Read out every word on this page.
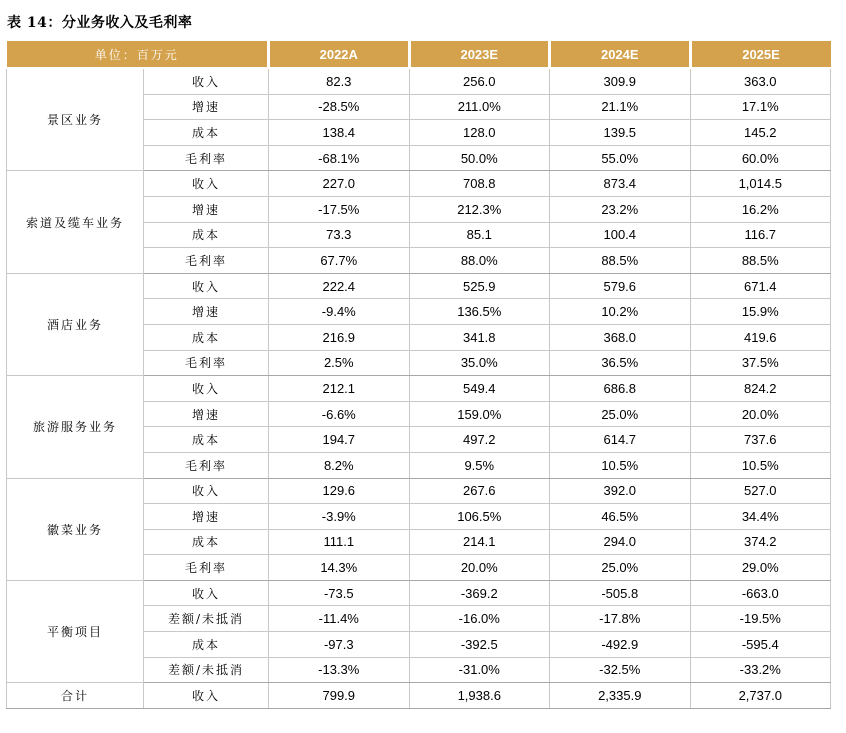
表 14：分业务收入及毛利率
单位：百万元		2022A	2023E	2024E	2025E
景区业务	收入	82.3	256.0	309.9	363.0
	增速	-28.5%	211.0%	21.1%	17.1%
	成本	138.4	128.0	139.5	145.2
	毛利率	-68.1%	50.0%	55.0%	60.0%
索道及缆车业务	收入	227.0	708.8	873.4	1,014.5
	增速	-17.5%	212.3%	23.2%	16.2%
	成本	73.3	85.1	100.4	116.7
	毛利率	67.7%	88.0%	88.5%	88.5%
酒店业务	收入	222.4	525.9	579.6	671.4
	增速	-9.4%	136.5%	10.2%	15.9%
	成本	216.9	341.8	368.0	419.6
	毛利率	2.5%	35.0%	36.5%	37.5%
旅游服务业务	收入	212.1	549.4	686.8	824.2
	增速	-6.6%	159.0%	25.0%	20.0%
	成本	194.7	497.2	614.7	737.6
	毛利率	8.2%	9.5%	10.5%	10.5%
徽菜业务	收入	129.6	267.6	392.0	527.0
	增速	-3.9%	106.5%	46.5%	34.4%
	成本	111.1	214.1	294.0	374.2
	毛利率	14.3%	20.0%	25.0%	29.0%
平衡项目	收入	-73.5	-369.2	-505.8	-663.0
	差额/未抵消	-11.4%	-16.0%	-17.8%	-19.5%
	成本	-97.3	-392.5	-492.9	-595.4
	差额/未抵消	-13.3%	-31.0%	-32.5%	-33.2%
合计	收入	799.9	1,938.6	2,335.9	2,737.0
